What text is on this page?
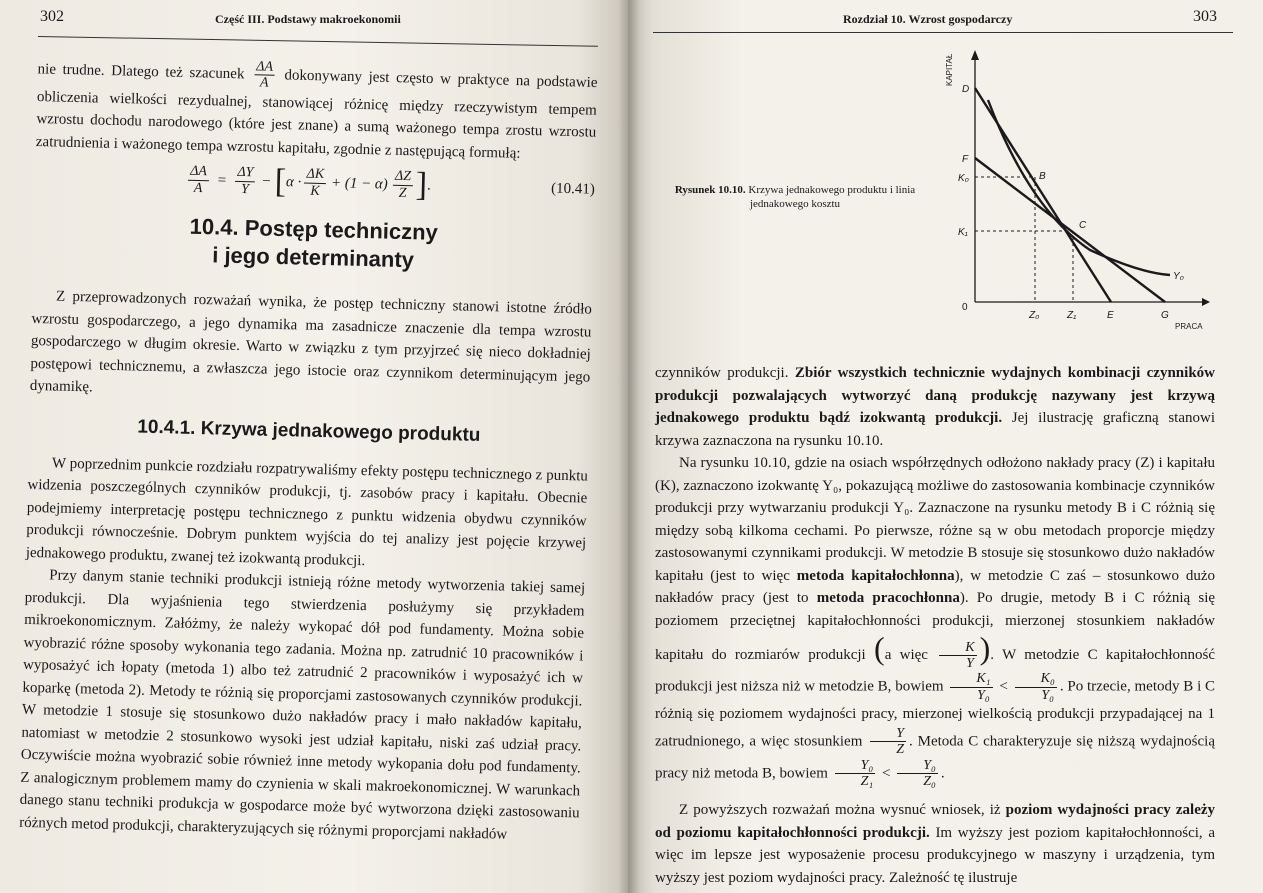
302	Część III. Podstawy makroekonomii

nie trudne. Dlatego też szacunek $\frac{\Delta A}{A}$ dokonywany jest często w praktyce na podstawie obliczenia wielkości rezydualnej, stanowiącej różnicę między rzeczywistym tempem wzrostu dochodu narodowego (które jest znane) a sumą ważonego tempa zrostu wzrostu zatrudnienia i ważonego tempa wzrostu kapitału, zgodnie z następującą formułą:

$\frac{\Delta A}{A} = \frac{\Delta Y}{Y}$ − [ $\alpha \cdot \frac{\Delta K}{K} + (1 - \alpha) \frac{\Delta Z}{Z}$ ] .	(10.41)
10.4. Postęp techniczny
i jego determinanty

Z przeprowadzonych rozważań wynika, że postęp techniczny stanowi istotne źródło wzrostu gospodarczego, a jego dynamika ma zasadnicze znaczenie dla tempa wzrostu gospodarczego w długim okresie. Warto w związku z tym przyjrzeć się nieco dokładniej postępowi technicznemu, a zwłaszcza jego istocie oraz czynnikom determinującym jego dynamikę.

10.4.1. Krzywa jednakowego produktu

W poprzednim punkcie rozdziału rozpatrywaliśmy efekty postępu technicznego z punktu widzenia poszczególnych czynników produkcji, tj. zasobów pracy i kapitału. Obecnie podejmiemy interpretację postępu technicznego z punktu widzenia obydwu czynników produkcji równocześnie. Dobrym punktem wyjścia do tej analizy jest pojęcie krzywej jednakowego produktu, zwanej też izokwantą produkcji.

Przy danym stanie techniki produkcji istnieją różne metody wytworzenia takiej samej produkcji. Dla wyjaśnienia tego stwierdzenia posłużymy się przykładem mikroekonomicznym. Załóżmy, że należy wykopać dół pod fundamenty. Można sobie wyobrazić różne sposoby wykonania tego zadania. Można np. zatrudnić 10 pracowników i wyposażyć ich łopaty (metoda 1) albo też zatrudnić 2 pracowników i wyposażyć ich w koparkę (metoda 2). Metody te różnią się proporcjami zastosowanych czynników produkcji. W metodzie 1 stosuje się stosunkowo dużo nakładów pracy i mało nakładów kapitału, natomiast w metodzie 2 stosunkowo wysoki jest udział kapitału, niski zaś udział pracy. Oczywiście można wyobrazić sobie również inne metody wykopania dołu pod fundamenty. Z analogicznym problemem mamy do czynienia w skali makroekonomicznej. W warunkach danego stanu techniki produkcja w gospodarce może być wytworzona dzięki zastosowaniu różnych metod produkcji, charakteryzujących się różnymi proporcjami nakładów

Rozdział 10. Wzrost gospodarczy	303
Rysunek 10.10. Krzywa jednakowego produktu i linia jednakowego kosztu
KAPITAŁ
PRACA
0
D
F
K₀
K₁
Z₀	Z₁	E	G
B
C
Y₀

czynników produkcji. Zbiór wszystkich technicznie wydajnych kombinacji czynników produkcji pozwalających wytworzyć daną produkcję nazywany jest krzywą jednakowego produktu bądź izokwantą produkcji. Jej ilustrację graficzną stanowi krzywa zaznaczona na rysunku 10.10.

Na rysunku 10.10, gdzie na osiach współrzędnych odłożono nakłady pracy (Z) i kapitału (K), zaznaczono izokwantę Y₀, pokazującą możliwe do zastosowania kombinacje czynników produkcji przy wytwarzaniu produkcji Y₀. Zaznaczone na rysunku metody B i C różnią się między sobą kilkoma cechami. Po pierwsze, różne są w obu metodach proporcje między zastosowanymi czynnikami produkcji. W metodzie B stosuje się stosunkowo dużo nakładów kapitału (jest to więc metoda kapitałochłonna), w metodzie C zaś – stosunkowo dużo nakładów pracy (jest to metoda pracochłonna). Po drugie, metody B i C różnią się poziomem przeciętnej kapitałochłonności produkcji, mierzonej stosunkiem nakładów kapitału do rozmiarów produkcji (a więc $\frac{K}{Y}$ ). W metodzie C kapitałochłonność produkcji jest niższa niż w metodzie B, bowiem $\frac{\text{K₁}}{\text{Y₀}} < \frac{\text{K₀}}{\text{Y₀}}$ . Po trzecie, metody B i C różnią się poziomem wydajności pracy, mierzonej wielkością produkcji przypadającej na 1 zatrudnionego, a więc stosunkiem $\frac{Y}{Z}$ . Metoda C charakteryzuje się niższą wydajnością pracy niż metoda B, bowiem $\frac{\text{Y₀}}{\text{Z₁}} < \frac{\text{Y₀}}{\text{Z₀}}$ .

Z powyższych rozważań można wysnuć wniosek, iż poziom wydajności pracy zależy od poziomu kapitałochłonności produkcji. Im wyższy jest poziom kapitałochłonności, a więc im lepsze jest wyposażenie procesu produkcyjnego w maszyny i urządzenia, tym wyższy jest poziom wydajności pracy. Zależność tę ilustruje
